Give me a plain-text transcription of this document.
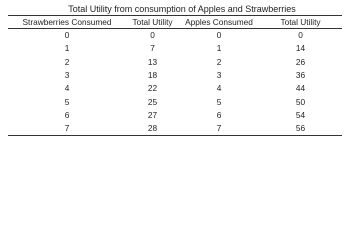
Total Utility from consumption of Apples and Strawberries
Strawberries Consumed	Total Utility	Apples Consumed	Total Utility
0	0	0	0
1	7	1	14
2	13	2	26
3	18	3	36
4	22	4	44
5	25	5	50
6	27	6	54
7	28	7	56
